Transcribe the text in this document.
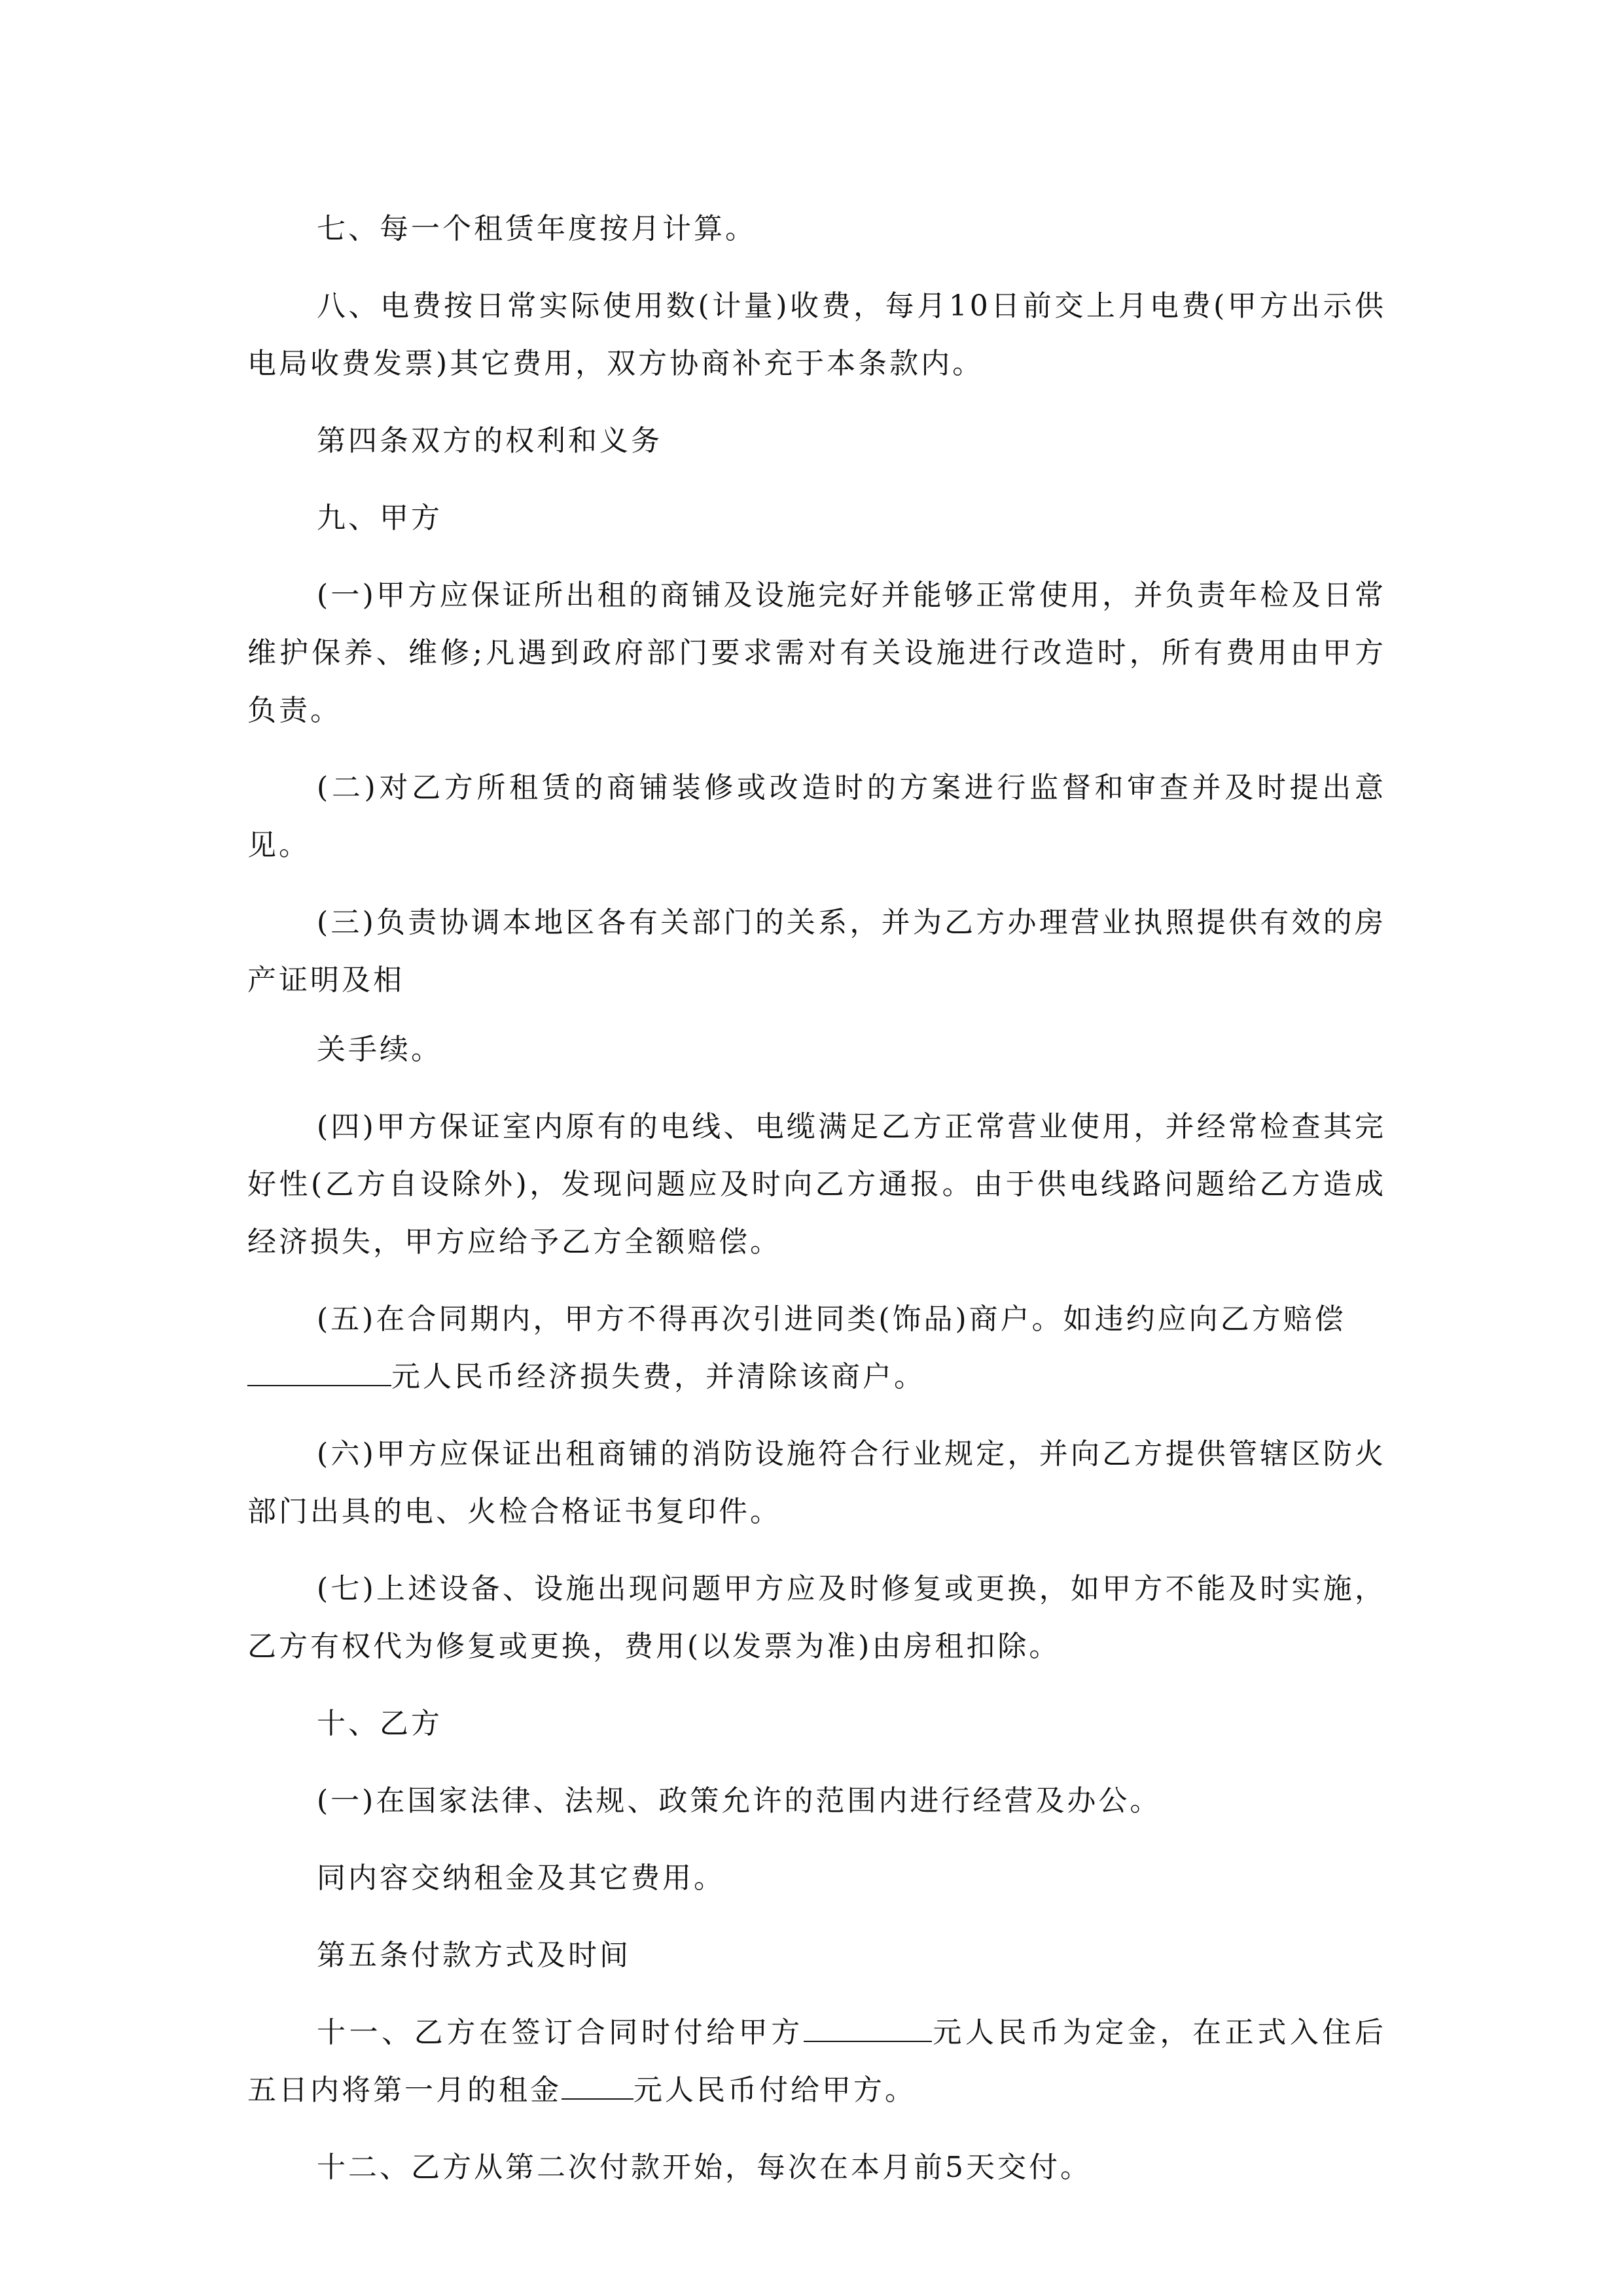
七、每一个租赁年度按月计算。

八、电费按日常实际使用数(计量)收费，每月10日前交上月电费(甲方出示供电局收费发票)其它费用，双方协商补充于本条款内。

第四条双方的权利和义务

九、甲方

(一)甲方应保证所出租的商铺及设施完好并能够正常使用，并负责年检及日常维护保养、维修;凡遇到政府部门要求需对有关设施进行改造时，所有费用由甲方负责。

(二)对乙方所租赁的商铺装修或改造时的方案进行监督和审查并及时提出意见。

(三)负责协调本地区各有关部门的关系，并为乙方办理营业执照提供有效的房产证明及相

关手续。

(四)甲方保证室内原有的电线、电缆满足乙方正常营业使用，并经常检查其完好性(乙方自设除外)，发现问题应及时向乙方通报。由于供电线路问题给乙方造成经济损失，甲方应给予乙方全额赔偿。

(五)在合同期内，甲方不得再次引进同类(饰品)商户。如违约应向乙方赔偿
元人民币经济损失费，并清除该商户。

(六)甲方应保证出租商铺的消防设施符合行业规定，并向乙方提供管辖区防火部门出具的电、火检合格证书复印件。

(七)上述设备、设施出现问题甲方应及时修复或更换，如甲方不能及时实施，乙方有权代为修复或更换，费用(以发票为准)由房租扣除。

十、乙方

(一)在国家法律、法规、政策允许的范围内进行经营及办公。

同内容交纳租金及其它费用。

第五条付款方式及时间

十一、乙方在签订合同时付给甲方	元人民币为定金，在正式入住后五日内将第一月的租金	元人民币付给甲方。

十二、乙方从第二次付款开始，每次在本月前5天交付。
